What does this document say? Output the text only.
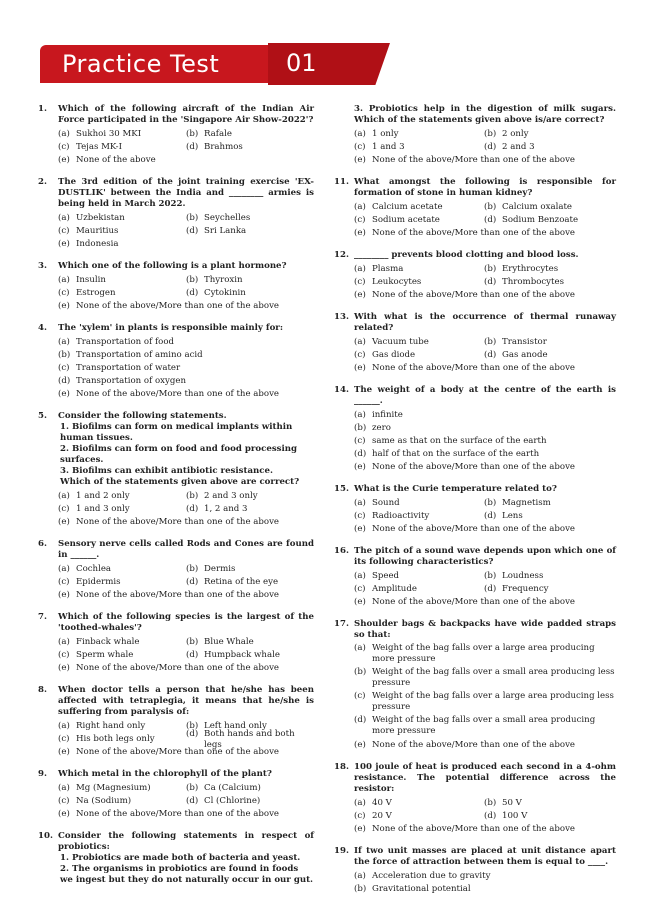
Practice Test	01
1.	Which of the following aircraft of the Indian Air Force participated in the 'Singapore Air Show-2022'?
(a) Sukhoi 30 MKI	(b) Rafale
(c) Tejas MK-I	(d) Brahmos
(e) None of the above
2.	The 3rd edition of the joint training exercise 'EX-DUSTLIK' between the India and ________ armies is being held in March 2022.
(a) Uzbekistan	(b) Seychelles
(c) Mauritius	(d) Sri Lanka
(e) Indonesia
3.	Which one of the following is a plant hormone?
(a) Insulin	(b) Thyroxin
(c) Estrogen	(d) Cytokinin
(e) None of the above/More than one of the above
4.	The 'xylem' in plants is responsible mainly for:
(a) Transportation of food
(b) Transportation of amino acid
(c) Transportation of water
(d) Transportation of oxygen
(e) None of the above/More than one of the above
5.	Consider the following statements.
1. Biofilms can form on medical implants within human tissues.
2. Biofilms can form on food and food processing surfaces.
3. Biofilms can exhibit antibiotic resistance.
Which of the statements given above are correct?
(a) 1 and 2 only	(b) 2 and 3 only
(c) 1 and 3 only	(d) 1, 2 and 3
(e) None of the above/More than one of the above
6.	Sensory nerve cells called Rods and Cones are found in ______.
(a) Cochlea	(b) Dermis
(c) Epidermis	(d) Retina of the eye
(e) None of the above/More than one of the above
7.	Which of the following species is the largest of the 'toothed-whales'?
(a) Finback whale	(b) Blue Whale
(c) Sperm whale	(d) Humpback whale
(e) None of the above/More than one of the above
8.	When doctor tells a person that he/she has been affected with tetraplegia, it means that he/she is suffering from paralysis of:
(a) Right hand only	(b) Left hand only
(c) His both legs only
(d) Both hands and both legs
(e) None of the above/More than one of the above
9.	Which metal in the chlorophyll of the plant?
(a) Mg (Magnesium)	(b) Ca (Calcium)
(c) Na (Sodium)	(d) Cl (Chlorine)
(e) None of the above/More than one of the above
10. Consider the following statements in respect of probiotics:
1. Probiotics are made both of bacteria and yeast.
2. The organisms in probiotics are found in foods we ingest but they do not naturally occur in our gut.
3. Probiotics help in the digestion of milk sugars. Which of the statements given above is/are correct?
(a) 1 only	(b) 2 only
(c) 1 and 3	(d) 2 and 3
(e) None of the above/More than one of the above
11. What amongst the following is responsible for formation of stone in human kidney?
(a) Calcium acetate	(b) Calcium oxalate
(c) Sodium acetate	(d) Sodium Benzoate
(e) None of the above/More than one of the above
12. ________ prevents blood clotting and blood loss.
(a) Plasma	(b) Erythrocytes
(c) Leukocytes	(d) Thrombocytes
(e) None of the above/More than one of the above
13. With what is the occurrence of thermal runaway related?
(a) Vacuum tube	(b) Transistor
(c) Gas diode	(d) Gas anode
(e) None of the above/More than one of the above
14. The weight of a body at the centre of the earth is ______.
(a) infinite
(b) zero
(c) same as that on the surface of the earth
(d) half of that on the surface of the earth
(e) None of the above/More than one of the above
15. What is the Curie temperature related to?
(a) Sound	(b) Magnetism
(c) Radioactivity	(d) Lens
(e) None of the above/More than one of the above
16. The pitch of a sound wave depends upon which one of its following characteristics?
(a) Speed	(b) Loudness
(c) Amplitude	(d) Frequency
(e) None of the above/More than one of the above
17. Shoulder bags & backpacks have wide padded straps so that:
(a) Weight of the bag falls over a large area producing more pressure
(b) Weight of the bag falls over a small area producing less pressure
(c) Weight of the bag falls over a large area producing less pressure
(d) Weight of the bag falls over a small area producing more pressure
(e) None of the above/More than one of the above
18. 100 joule of heat is produced each second in a 4-ohm resistance. The potential difference across the resistor:
(a) 40 V	(b) 50 V
(c) 20 V	(d) 100 V
(e) None of the above/More than one of the above
19. If two unit masses are placed at unit distance apart the force of attraction between them is equal to ____.
(a) Acceleration due to gravity
(b) Gravitational potential
